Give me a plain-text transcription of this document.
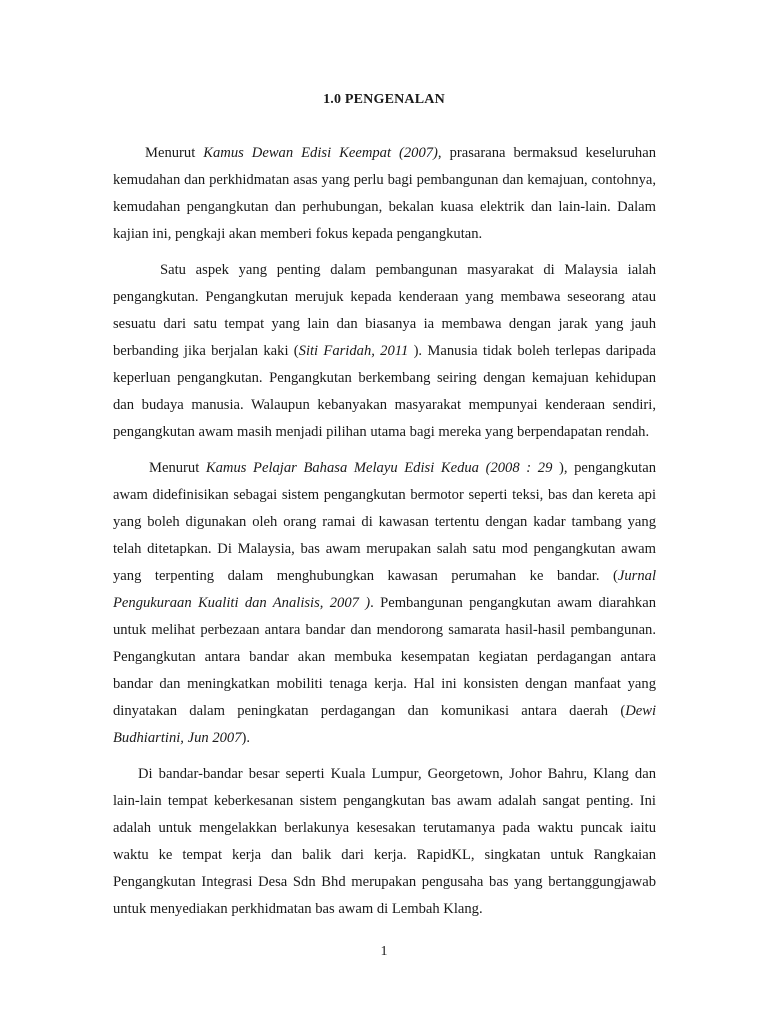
1.0 PENGENALAN

Menurut Kamus Dewan Edisi Keempat (2007), prasarana bermaksud keseluruhan kemudahan dan perkhidmatan asas yang perlu bagi pembangunan dan kemajuan, contohnya, kemudahan pengangkutan dan perhubungan, bekalan kuasa elektrik dan lain-lain. Dalam kajian ini, pengkaji akan memberi fokus kepada pengangkutan.

Satu aspek yang penting dalam pembangunan masyarakat di Malaysia ialah pengangkutan. Pengangkutan merujuk kepada kenderaan yang membawa seseorang atau sesuatu dari satu tempat yang lain dan biasanya ia membawa dengan jarak yang jauh berbanding jika berjalan kaki (Siti Faridah, 2011 ). Manusia tidak boleh terlepas daripada keperluan pengangkutan. Pengangkutan berkembang seiring dengan kemajuan kehidupan dan budaya manusia. Walaupun kebanyakan masyarakat mempunyai kenderaan sendiri, pengangkutan awam masih menjadi pilihan utama bagi mereka yang berpendapatan rendah.

Menurut Kamus Pelajar Bahasa Melayu Edisi Kedua (2008 : 29 ), pengangkutan awam didefinisikan sebagai sistem pengangkutan bermotor seperti teksi, bas dan kereta api yang boleh digunakan oleh orang ramai di kawasan tertentu dengan kadar tambang yang telah ditetapkan. Di Malaysia, bas awam merupakan salah satu mod pengangkutan awam yang terpenting dalam menghubungkan kawasan perumahan ke bandar. (Jurnal Pengukuraan Kualiti dan Analisis, 2007 ). Pembangunan pengangkutan awam diarahkan untuk melihat perbezaan antara bandar dan mendorong samarata hasil-hasil pembangunan. Pengangkutan antara bandar akan membuka kesempatan kegiatan perdagangan antara bandar dan meningkatkan mobiliti tenaga kerja. Hal ini konsisten dengan manfaat yang dinyatakan dalam peningkatan perdagangan dan komunikasi antara daerah (Dewi Budhiartini, Jun 2007).

Di bandar-bandar besar seperti Kuala Lumpur, Georgetown, Johor Bahru, Klang dan lain-lain tempat keberkesanan sistem pengangkutan bas awam adalah sangat penting. Ini adalah untuk mengelakkan berlakunya kesesakan terutamanya pada waktu puncak iaitu waktu ke tempat kerja dan balik dari kerja. RapidKL, singkatan untuk Rangkaian Pengangkutan Integrasi Desa Sdn Bhd merupakan pengusaha bas yang bertanggungjawab untuk menyediakan perkhidmatan bas awam di Lembah Klang.

1
